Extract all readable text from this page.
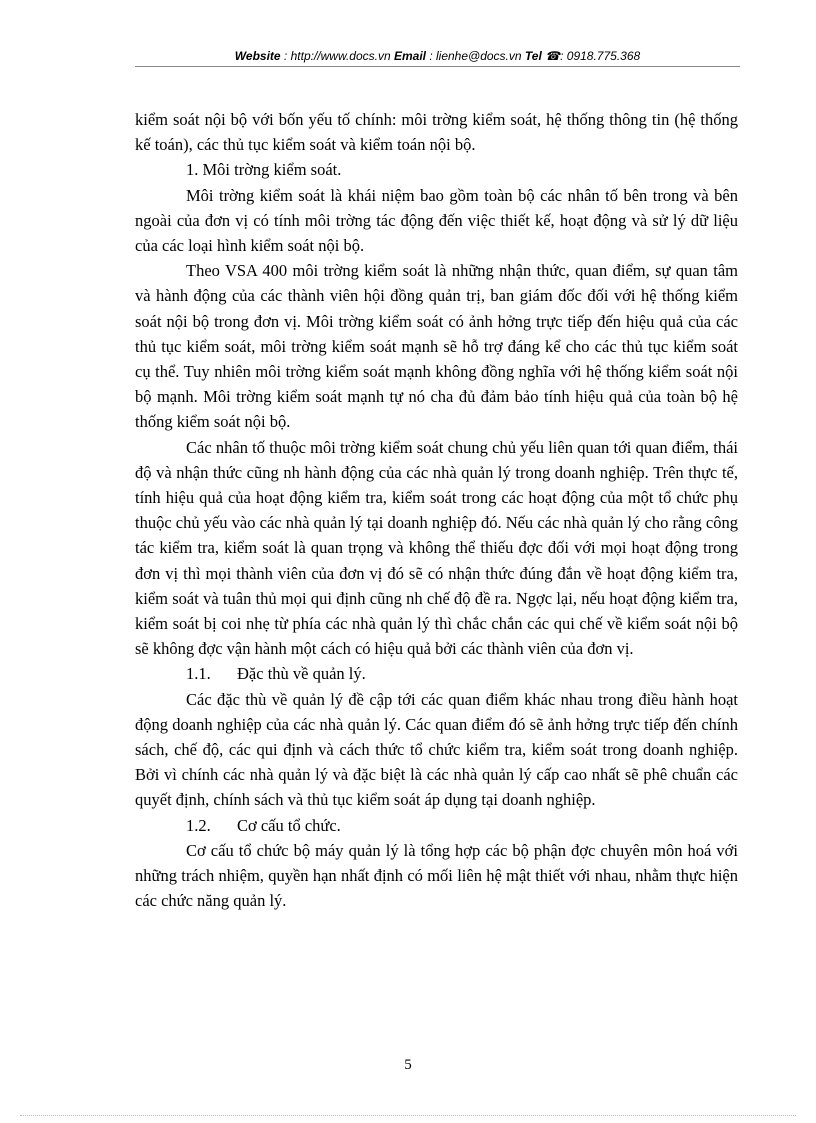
Website : http://www.docs.vn Email : lienhe@docs.vn Tel ☎: 0918.775.368

kiểm soát nội bộ với bốn yếu tố chính: môi trờng kiểm soát, hệ thống thông tin (hệ thống kế toán), các thủ tục kiểm soát và kiểm toán nội bộ.

1. Môi trờng kiểm soát.

Môi trờng kiểm soát là khái niệm bao gồm toàn bộ các nhân tố bên trong và bên ngoài của đơn vị có tính môi trờng tác động đến việc thiết kế, hoạt động và sử lý dữ liệu của các loại hình kiểm soát nội bộ.

Theo VSA 400 môi trờng kiểm soát là những nhận thức, quan điểm, sự quan tâm và hành động của các thành viên hội đồng quản trị, ban giám đốc đối với hệ thống kiểm soát nội bộ trong đơn vị. Môi trờng kiểm soát có ảnh hởng trực tiếp đến hiệu quả của các thủ tục kiểm soát, môi trờng kiểm soát mạnh sẽ hỗ trợ đáng kể cho các thủ tục kiểm soát cụ thể. Tuy nhiên môi trờng kiểm soát mạnh không đồng nghĩa với hệ thống kiểm soát nội bộ mạnh. Môi trờng kiểm soát mạnh tự nó cha đủ đảm bảo tính hiệu quả của toàn bộ hệ thống kiểm soát nội bộ.

Các nhân tố thuộc môi trờng kiểm soát chung chủ yếu liên quan tới quan điểm, thái độ và nhận thức cũng nh hành động của các nhà quản lý trong doanh nghiệp. Trên thực tế, tính hiệu quả của hoạt động kiểm tra, kiểm soát trong các hoạt động của một tổ chức phụ thuộc chủ yếu vào các nhà quản lý tại doanh nghiệp đó. Nếu các nhà quản lý cho rằng công tác kiểm tra, kiểm soát là quan trọng và không thể thiếu đợc đối với mọi hoạt động trong đơn vị thì mọi thành viên của đơn vị đó sẽ có nhận thức đúng đắn về hoạt động kiểm tra, kiểm soát và tuân thủ mọi qui định cũng nh chế độ đề ra. Ngợc lại, nếu hoạt động kiểm tra, kiểm soát bị coi nhẹ từ phía các nhà quản lý thì chắc chắn các qui chế về kiểm soát nội bộ sẽ không đợc vận hành một cách có hiệu quả bởi các thành viên của đơn vị.

1.1. Đặc thù về quản lý.

Các đặc thù về quản lý đề cập tới các quan điểm khác nhau trong điều hành hoạt động doanh nghiệp của các nhà quản lý. Các quan điểm đó sẽ ảnh hởng trực tiếp đến chính sách, chế độ, các qui định và cách thức tổ chức kiểm tra, kiểm soát trong doanh nghiệp. Bởi vì chính các nhà quản lý và đặc biệt là các nhà quản lý cấp cao nhất sẽ phê chuẩn các quyết định, chính sách và thủ tục kiểm soát áp dụng tại doanh nghiệp.

1.2. Cơ cấu tổ chức.

Cơ cấu tổ chức bộ máy quản lý là tổng hợp các bộ phận đợc chuyên môn hoá với những trách nhiệm, quyền hạn nhất định có mối liên hệ mật thiết với nhau, nhằm thực hiện các chức năng quản lý.

5
